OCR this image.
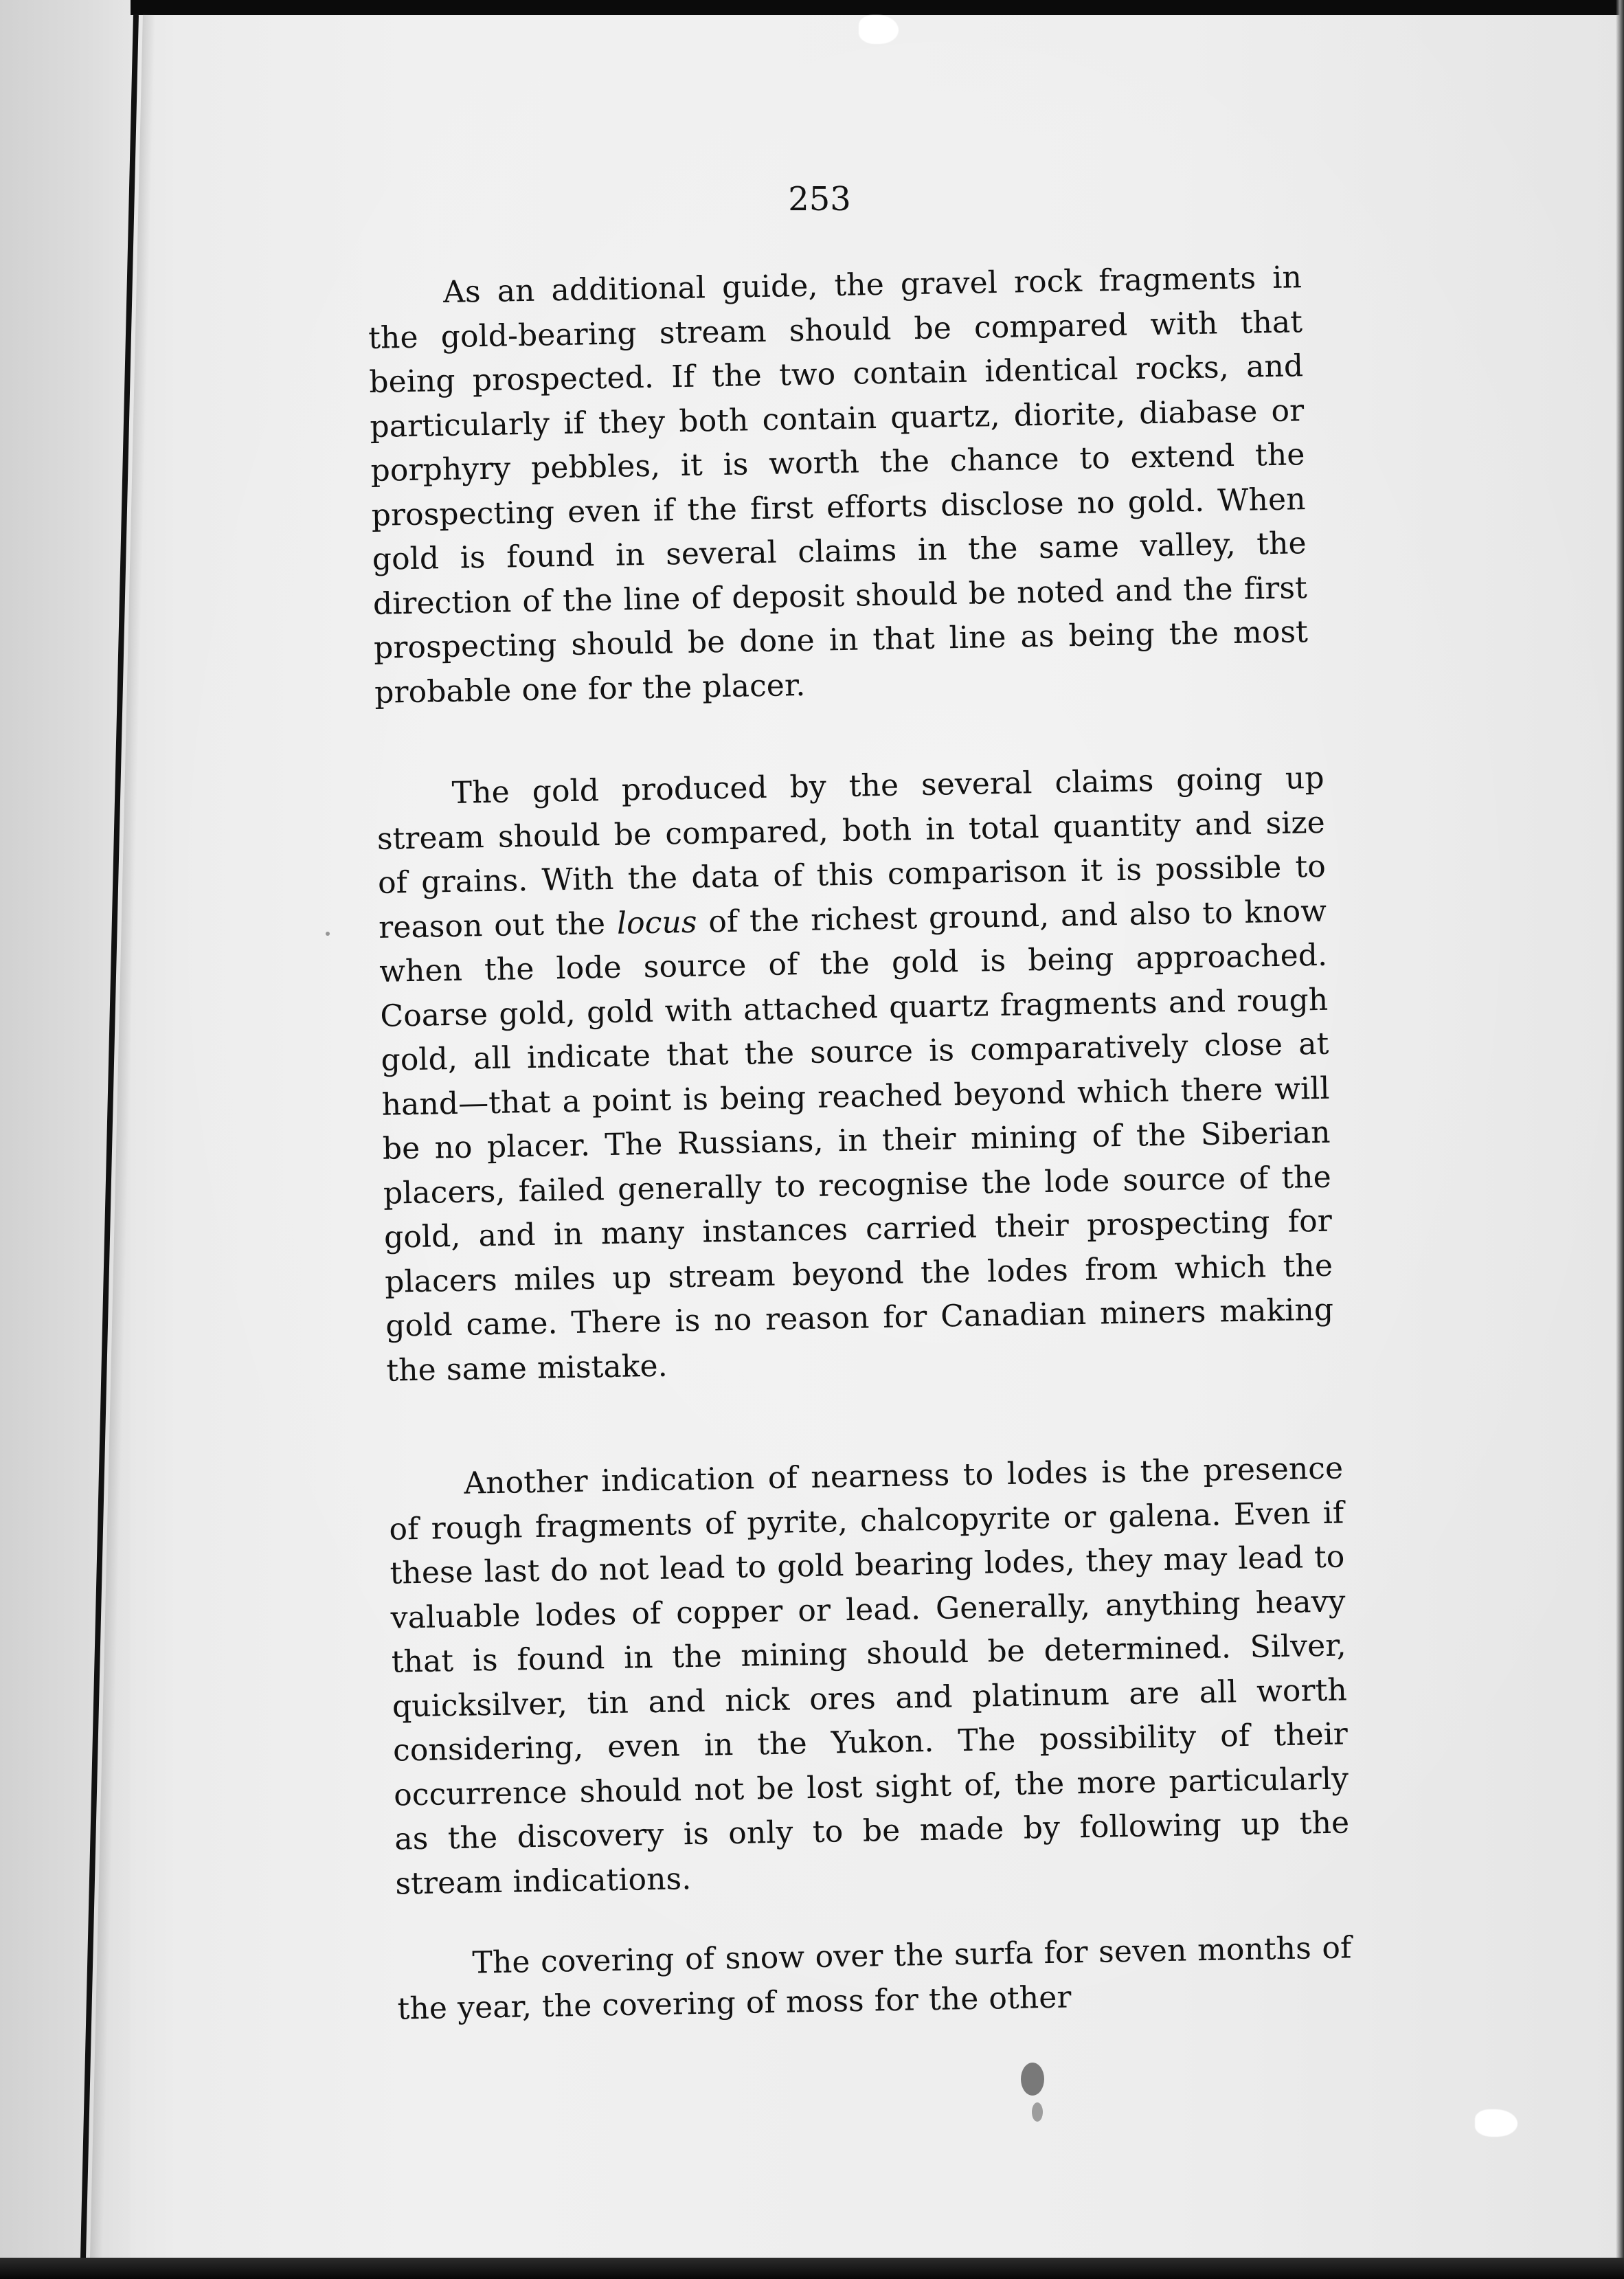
253

As an additional guide, the gravel rock fragments in the gold-bearing stream should be compared with that being prospected. If the two contain identical rocks, and particularly if they both contain quartz, diorite, diabase or porphyry pebbles, it is worth the chance to extend the prospecting even if the first efforts disclose no gold. When gold is found in several claims in the same valley, the direction of the line of deposit should be noted and the first prospecting should be done in that line as being the most probable one for the placer.

The gold produced by the several claims going up stream should be compared, both in total quantity and size of grains. With the data of this comparison it is possible to reason out the locus of the richest ground, and also to know when the lode source of the gold is being approached. Coarse gold, gold with attached quartz fragments and rough gold, all indicate that the source is comparatively close at hand—that a point is being reached beyond which there will be no placer. The Russians, in their mining of the Siberian placers, failed generally to recognise the lode source of the gold, and in many instances carried their prospecting for placers miles up stream beyond the lodes from which the gold came. There is no reason for Canadian miners making the same mistake.

Another indication of nearness to lodes is the presence of rough fragments of pyrite, chalcopyrite or galena. Even if these last do not lead to gold bearing lodes, they may lead to valuable lodes of copper or lead. Generally, anything heavy that is found in the mining should be determined. Silver, quicksilver, tin and nick ores and platinum are all worth considering, even in the Yukon. The possibility of their occurrence should not be lost sight of, the more particularly as the discovery is only to be made by following up the stream indications.

The covering of snow over the surfa for seven months of the year, the covering of moss for the other
